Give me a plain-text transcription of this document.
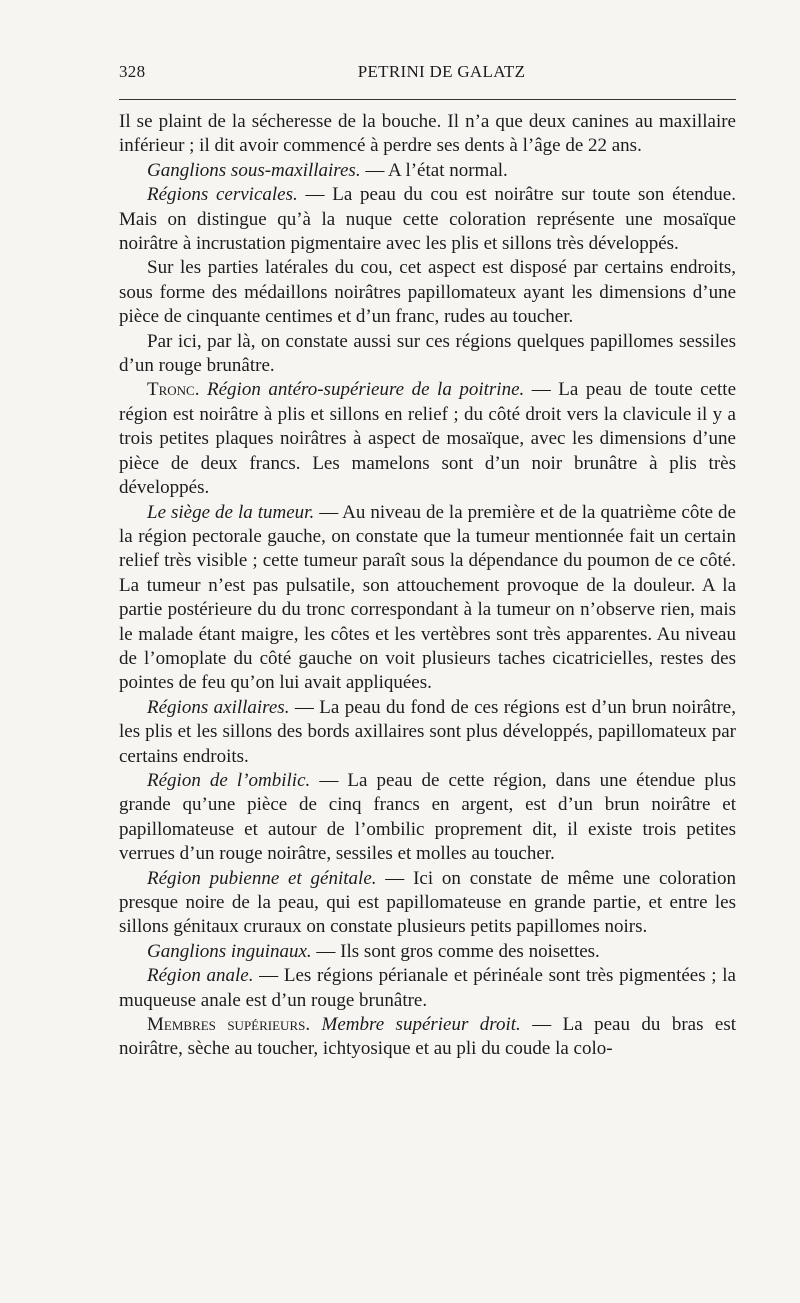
328	PETRINI DE GALATZ

Il se plaint de la sécheresse de la bouche. Il n’a que deux canines au maxillaire inférieur ; il dit avoir commencé à perdre ses dents à l’âge de 22 ans.

Ganglions sous-maxillaires. — A l’état normal.

Régions cervicales. — La peau du cou est noirâtre sur toute son étendue. Mais on distingue qu’à la nuque cette coloration représente une mosaïque noirâtre à incrustation pigmentaire avec les plis et sillons très développés.

Sur les parties latérales du cou, cet aspect est disposé par certains endroits, sous forme des médaillons noirâtres papillomateux ayant les dimensions d’une pièce de cinquante centimes et d’un franc, rudes au toucher.

Par ici, par là, on constate aussi sur ces régions quelques papillomes sessiles d’un rouge brunâtre.

Tronc. Région antéro-supérieure de la poitrine. — La peau de toute cette région est noirâtre à plis et sillons en relief ; du côté droit vers la clavicule il y a trois petites plaques noirâtres à aspect de mosaïque, avec les dimensions d’une pièce de deux francs. Les mamelons sont d’un noir brunâtre à plis très développés.

Le siège de la tumeur. — Au niveau de la première et de la quatrième côte de la région pectorale gauche, on constate que la tumeur mentionnée fait un certain relief très visible ; cette tumeur paraît sous la dépendance du poumon de ce côté. La tumeur n’est pas pulsatile, son attouchement provoque de la douleur. A la partie postérieure du du tronc correspondant à la tumeur on n’observe rien, mais le malade étant maigre, les côtes et les vertèbres sont très apparentes. Au niveau de l’omoplate du côté gauche on voit plusieurs taches cicatricielles, restes des pointes de feu qu’on lui avait appliquées.

Régions axillaires. — La peau du fond de ces régions est d’un brun noirâtre, les plis et les sillons des bords axillaires sont plus développés, papillomateux par certains endroits.

Région de l’ombilic. — La peau de cette région, dans une étendue plus grande qu’une pièce de cinq francs en argent, est d’un brun noirâtre et papillomateuse et autour de l’ombilic proprement dit, il existe trois petites verrues d’un rouge noirâtre, sessiles et molles au toucher.

Région pubienne et génitale. — Ici on constate de même une coloration presque noire de la peau, qui est papillomateuse en grande partie, et entre les sillons génitaux cruraux on constate plusieurs petits papillomes noirs.

Ganglions inguinaux. — Ils sont gros comme des noisettes.

Région anale. — Les régions périanale et périnéale sont très pigmentées ; la muqueuse anale est d’un rouge brunâtre.

Membres supérieurs. Membre supérieur droit. — La peau du bras est noirâtre, sèche au toucher, ichtyosique et au pli du coude la colo-
